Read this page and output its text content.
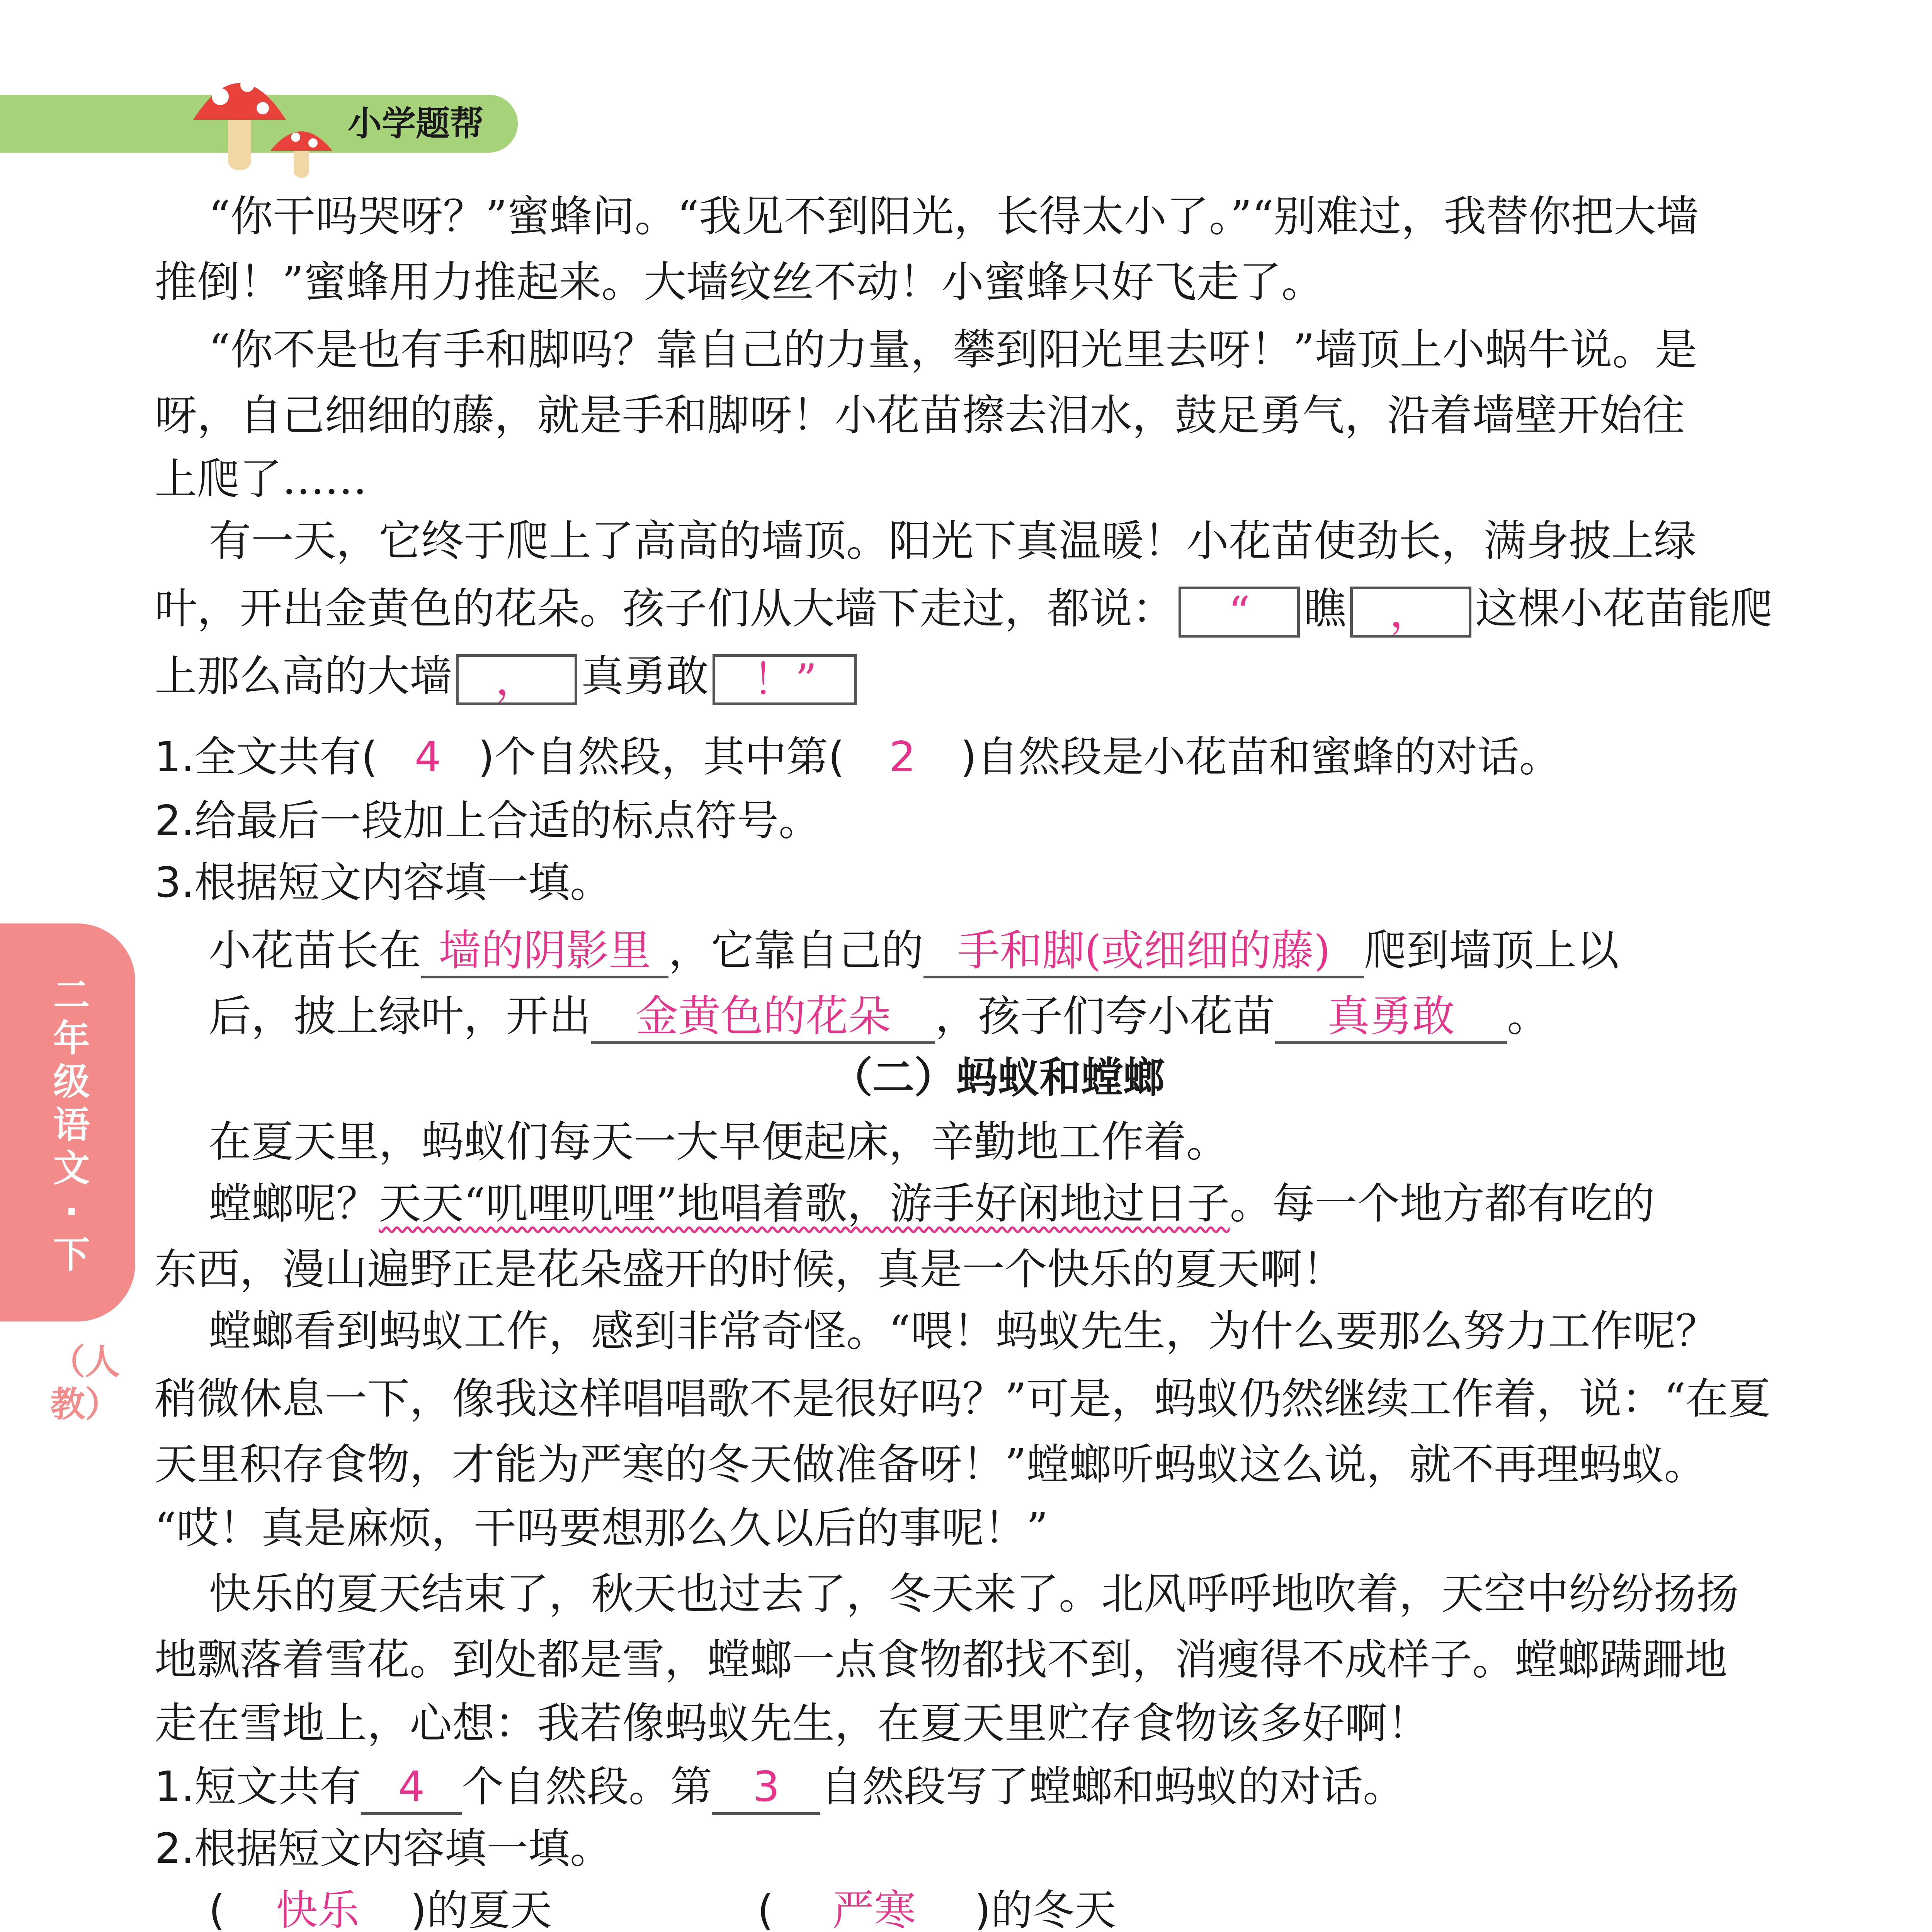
小学题帮
二年级语文·下
（人教）
“你干吗哭呀？”蜜蜂问。“我见不到阳光，长得太小了。”“别难过，我替你把大墙
推倒！”蜜蜂用力推起来。大墙纹丝不动！小蜜蜂只好飞走了。
“你不是也有手和脚吗？靠自己的力量，攀到阳光里去呀！”墙顶上小蜗牛说。是
呀，自己细细的藤，就是手和脚呀！小花苗擦去泪水，鼓足勇气，沿着墙壁开始往
上爬了……
有一天，它终于爬上了高高的墙顶。阳光下真温暖！小花苗使劲长，满身披上绿
叶，开出金黄色的花朵。孩子们从大墙下走过，都说： “ 瞧 ， 这棵小花苗能爬
上那么高的大墙 ， 真勇敢 ！”
1.全文共有( 4 )个自然段，其中第( 2 )自然段是小花苗和蜜蜂的对话。
2.给最后一段加上合适的标点符号。
3.根据短文内容填一填。
小花苗长在 墙的阴影里 ，它靠自己的 手和脚(或细细的藤) 爬到墙顶上以
后，披上绿叶，开出 金黄色的花朵 ，孩子们夸小花苗 真勇敢 。
（二）蚂蚁和螳螂
在夏天里，蚂蚁们每天一大早便起床，辛勤地工作着。
螳螂呢？天天“叽哩叽哩”地唱着歌，游手好闲地过日子。每一个地方都有吃的
东西，漫山遍野正是花朵盛开的时候，真是一个快乐的夏天啊！
螳螂看到蚂蚁工作，感到非常奇怪。“喂！蚂蚁先生，为什么要那么努力工作呢？
稍微休息一下，像我这样唱唱歌不是很好吗？”可是，蚂蚁仍然继续工作着，说：“在夏
天里积存食物，才能为严寒的冬天做准备呀！”螳螂听蚂蚁这么说，就不再理蚂蚁。
“哎！真是麻烦，干吗要想那么久以后的事呢！”
快乐的夏天结束了，秋天也过去了，冬天来了。北风呼呼地吹着，天空中纷纷扬扬
地飘落着雪花。到处都是雪，螳螂一点食物都找不到，消瘦得不成样子。螳螂蹒跚地
走在雪地上，心想：我若像蚂蚁先生，在夏天里贮存食物该多好啊！
1.短文共有 4 个自然段。第 3 自然段写了螳螂和蚂蚁的对话。
2.根据短文内容填一填。
( 快乐 )的夏天	( 严寒 )的冬天
